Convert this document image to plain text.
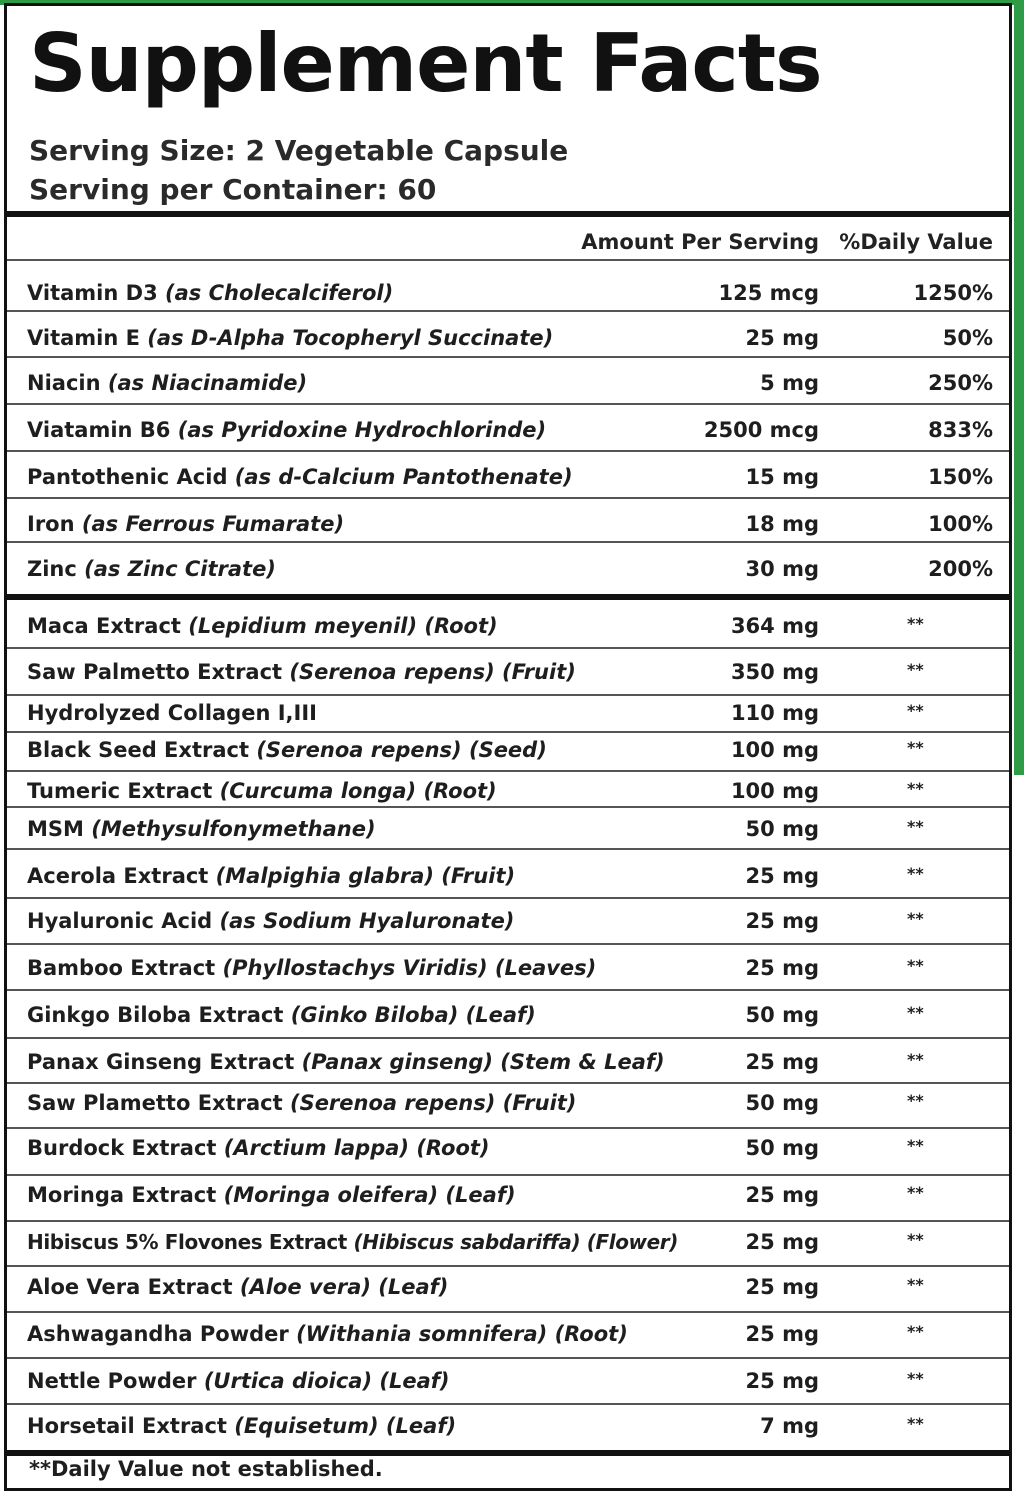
Supplement Facts
Serving Size: 2 Vegetable Capsule
Serving per Container: 60
Amount Per Serving %Daily Value
Vitamin D3 (as Cholecalciferol)	125 mcg	1250%
Vitamin E (as D-Alpha Tocopheryl Succinate)	25 mg	50%
Niacin (as Niacinamide)	5 mg	250%
Viatamin B6 (as Pyridoxine Hydrochlorinde)	2500 mcg	833%
Pantothenic Acid (as d-Calcium Pantothenate)	15 mg	150%
Iron (as Ferrous Fumarate)	18 mg	100%
Zinc (as Zinc Citrate)	30 mg	200%
Maca Extract (Lepidium meyenil) (Root)	364 mg	**
Saw Palmetto Extract (Serenoa repens) (Fruit)	350 mg	**
Hydrolyzed Collagen I,III	110 mg	**
Black Seed Extract (Serenoa repens) (Seed)	100 mg	**
Tumeric Extract (Curcuma longa) (Root)	100 mg	**
MSM (Methysulfonymethane)	50 mg	**
Acerola Extract (Malpighia glabra) (Fruit)	25 mg	**
Hyaluronic Acid (as Sodium Hyaluronate)	25 mg	**
Bamboo Extract (Phyllostachys Viridis) (Leaves)	25 mg	**
Ginkgo Biloba Extract (Ginko Biloba) (Leaf)	50 mg	**
Panax Ginseng Extract (Panax ginseng) (Stem & Leaf)	25 mg	**
Saw Plametto Extract (Serenoa repens) (Fruit)	50 mg	**
Burdock Extract (Arctium lappa) (Root)	50 mg	**
Moringa Extract (Moringa oleifera) (Leaf)	25 mg	**
Hibiscus 5% Flovones Extract (Hibiscus sabdariffa) (Flower)	25 mg	**
Aloe Vera Extract (Aloe vera) (Leaf)	25 mg	**
Ashwagandha Powder (Withania somnifera) (Root)	25 mg	**
Nettle Powder (Urtica dioica) (Leaf)	25 mg	**
Horsetail Extract (Equisetum) (Leaf)	7 mg	**
**Daily Value not established.
